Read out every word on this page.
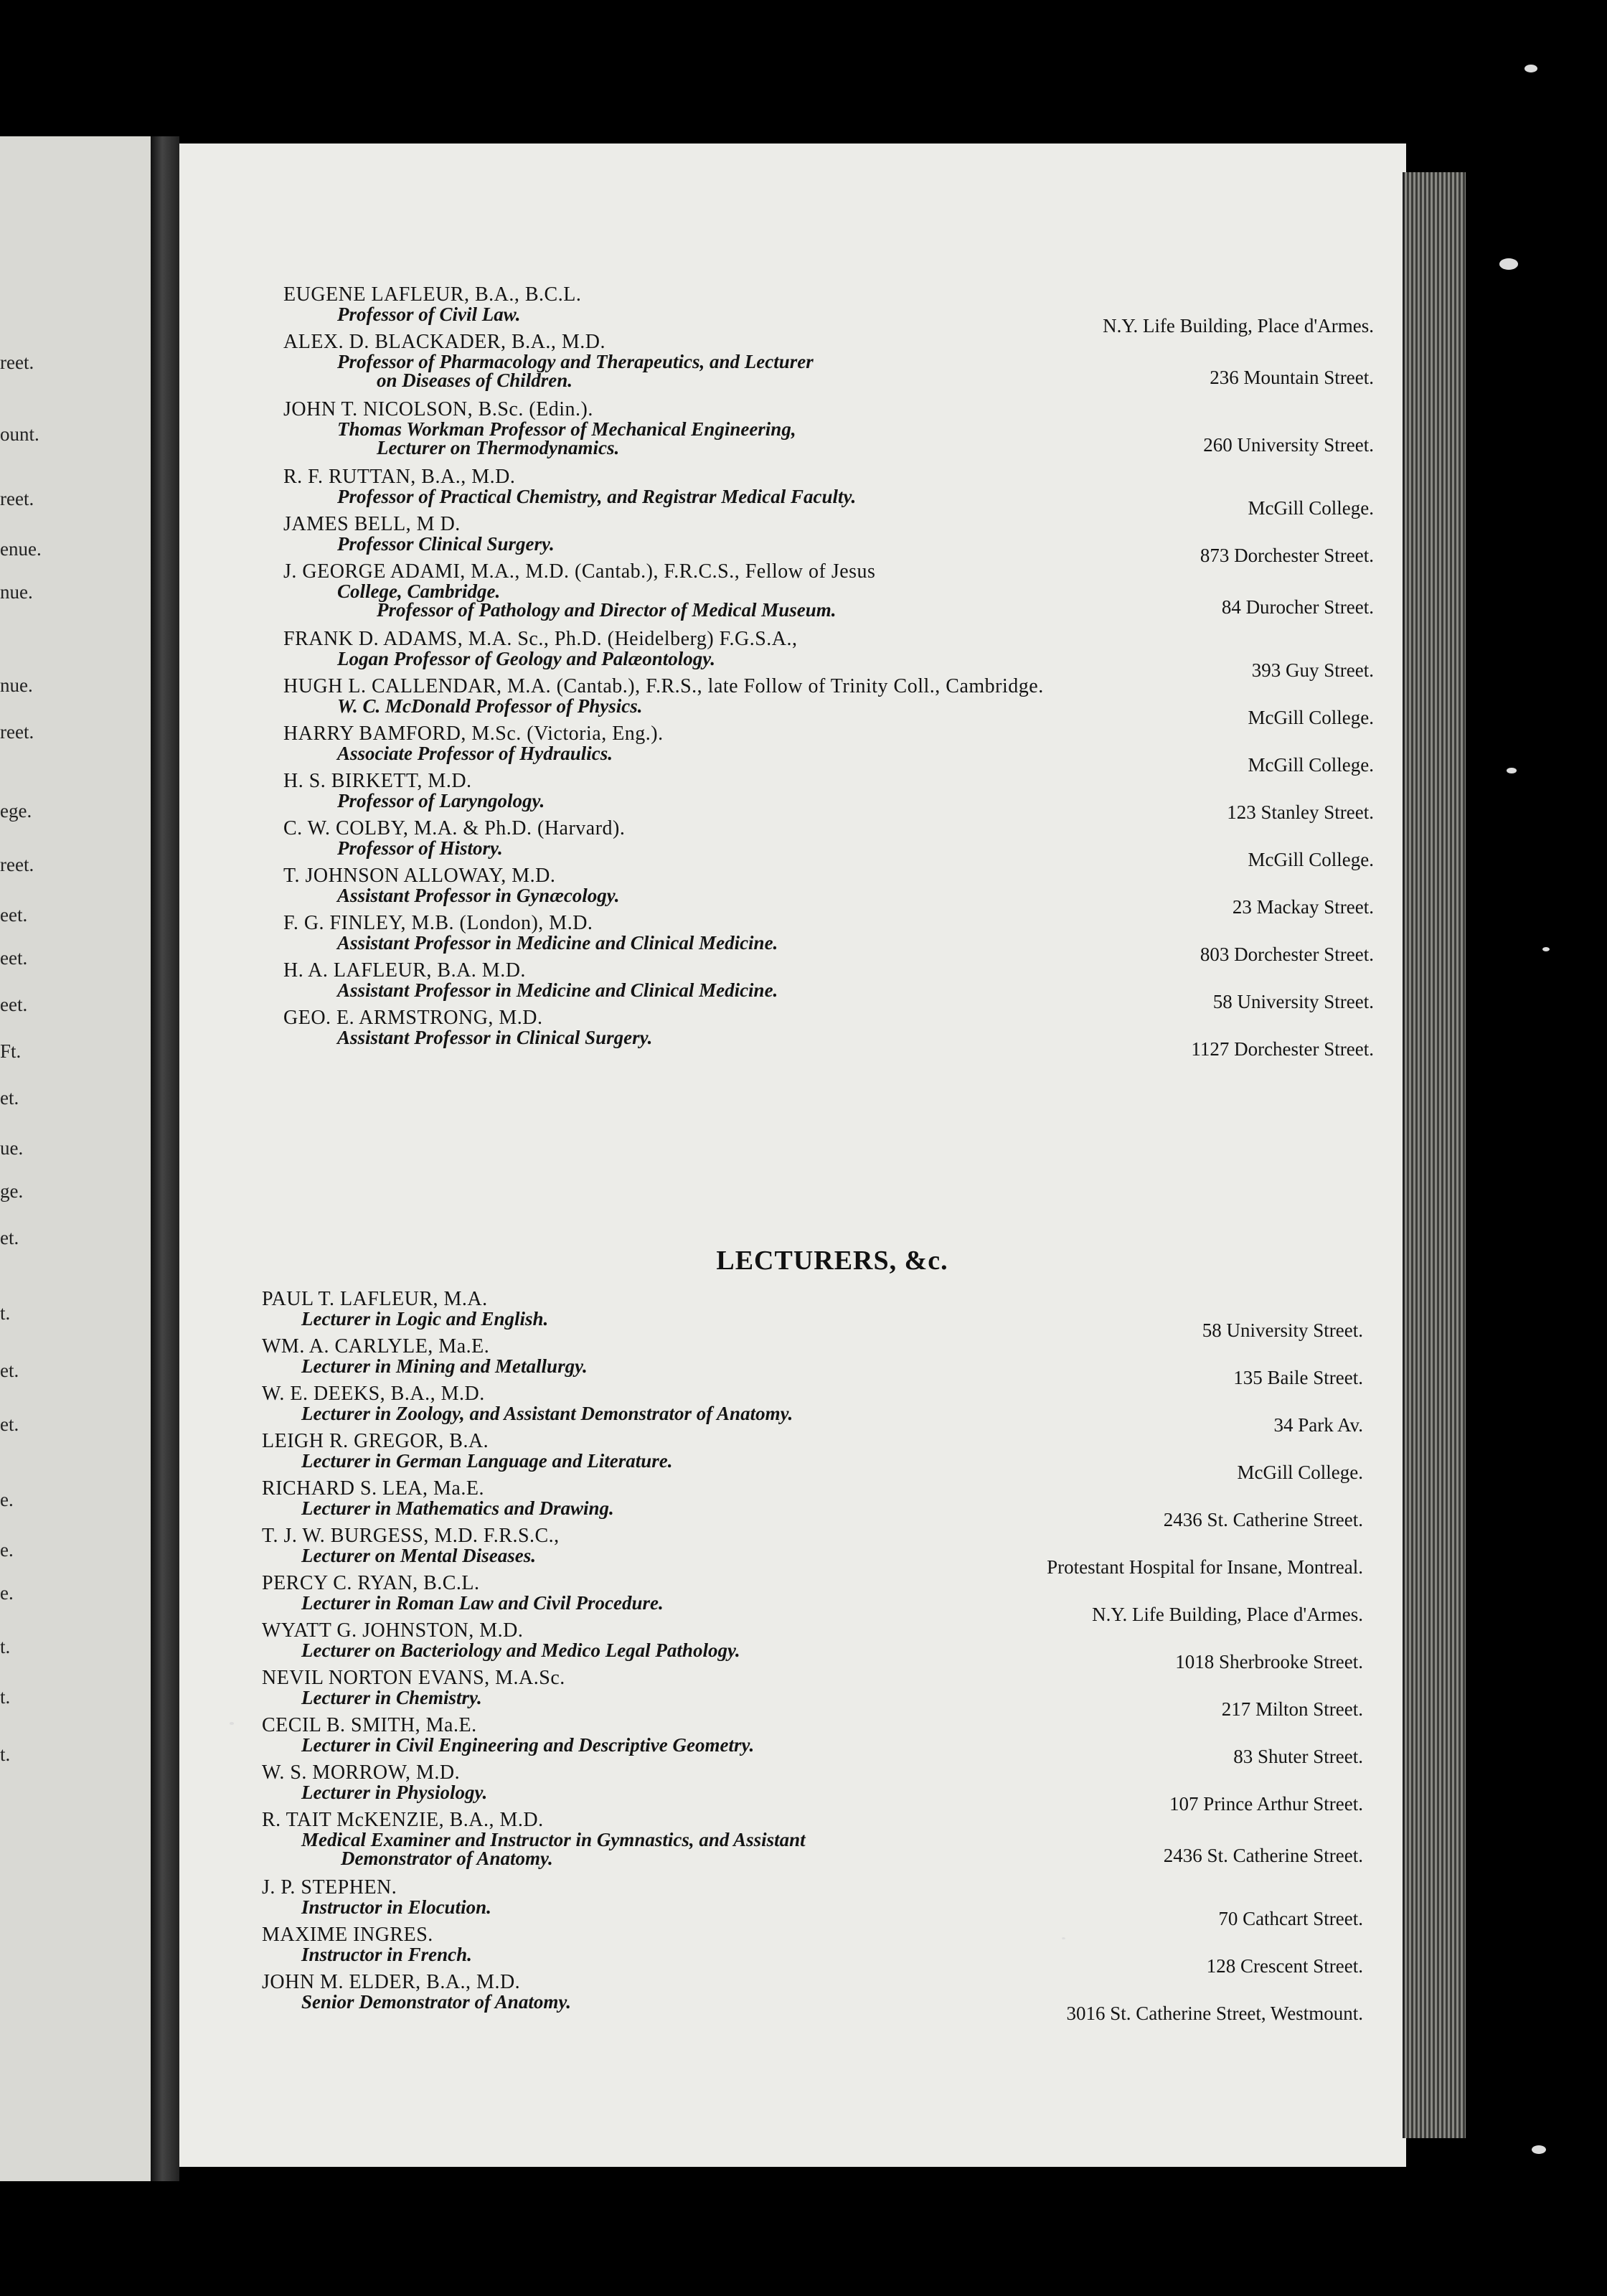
reet.
ount.
reet.
enue.
nue.
nue.
reet.
ege.
reet.
eet.
eet.
eet.
Ft.
et.
ue.
ge.
et.
t.
et.
et.
e.
e.
e.
t.
t.
t.
EUGENE LAFLEUR, B.A., B.C.L.
Professor of Civil Law.
N.Y. Life Building, Place d'Armes.
ALEX. D. BLACKADER, B.A., M.D.
Professor of Pharmacology and Therapeutics, and Lecturer
on Diseases of Children.	236 Mountain Street.
JOHN T. NICOLSON, B.Sc. (Edin.).
Thomas Workman Professor of Mechanical Engineering,
Lecturer on Thermodynamics.	260 University Street.
R. F. RUTTAN, B.A., M.D.
Professor of Practical Chemistry, and Registrar Medical Faculty.
McGill College.
JAMES BELL, M D.
Professor Clinical Surgery.
873 Dorchester Street.
J. GEORGE ADAMI, M.A., M.D. (Cantab.), F.R.C.S., Fellow of Jesus
College, Cambridge.
Professor of Pathology and Director of Medical Museum.	84 Durocher Street.
FRANK D. ADAMS, M.A. Sc., Ph.D. (Heidelberg) F.G.S.A.,
Logan Professor of Geology and Palæontology.
393 Guy Street.
HUGH L. CALLENDAR, M.A. (Cantab.), F.R.S., late Follow of Trinity Coll., Cambridge.
W. C. McDonald Professor of Physics.
McGill College.
HARRY BAMFORD, M.Sc. (Victoria, Eng.).
Associate Professor of Hydraulics.
McGill College.
H. S. BIRKETT, M.D.
Professor of Laryngology.
123 Stanley Street.
C. W. COLBY, M.A. & Ph.D. (Harvard).
Professor of History.
McGill College.
T. JOHNSON ALLOWAY, M.D.
Assistant Professor in Gynæcology.
23 Mackay Street.
F. G. FINLEY, M.B. (London), M.D.
Assistant Professor in Medicine and Clinical Medicine.
803 Dorchester Street.
H. A. LAFLEUR, B.A. M.D.
Assistant Professor in Medicine and Clinical Medicine.
58 University Street.
GEO. E. ARMSTRONG, M.D.
Assistant Professor in Clinical Surgery.
1127 Dorchester Street.
PAUL T. LAFLEUR, M.A.
Lecturer in Logic and English.
58 University Street.
WM. A. CARLYLE, Ma.E.
Lecturer in Mining and Metallurgy.
135 Baile Street.
W. E. DEEKS, B.A., M.D.
Lecturer in Zoology, and Assistant Demonstrator of Anatomy.
34 Park Av.
LEIGH R. GREGOR, B.A.
Lecturer in German Language and Literature.
McGill College.
RICHARD S. LEA, Ma.E.
Lecturer in Mathematics and Drawing.
2436 St. Catherine Street.
T. J. W. BURGESS, M.D. F.R.S.C.,
Lecturer on Mental Diseases.
Protestant Hospital for Insane, Montreal.
PERCY C. RYAN, B.C.L.
Lecturer in Roman Law and Civil Procedure.
N.Y. Life Building, Place d'Armes.
WYATT G. JOHNSTON, M.D.
Lecturer on Bacteriology and Medico Legal Pathology.
1018 Sherbrooke Street.
NEVIL NORTON EVANS, M.A.Sc.
Lecturer in Chemistry.
217 Milton Street.
CECIL B. SMITH, Ma.E.
Lecturer in Civil Engineering and Descriptive Geometry.
83 Shuter Street.
W. S. MORROW, M.D.
Lecturer in Physiology.
107 Prince Arthur Street.
R. TAIT McKENZIE, B.A., M.D.
Medical Examiner and Instructor in Gymnastics, and Assistant
Demonstrator of Anatomy.	2436 St. Catherine Street.
J. P. STEPHEN.
Instructor in Elocution.
70 Cathcart Street.
MAXIME INGRES.
Instructor in French.
128 Crescent Street.
JOHN M. ELDER, B.A., M.D.
Senior Demonstrator of Anatomy.
3016 St. Catherine Street, Westmount.
LECTURERS, &c.
